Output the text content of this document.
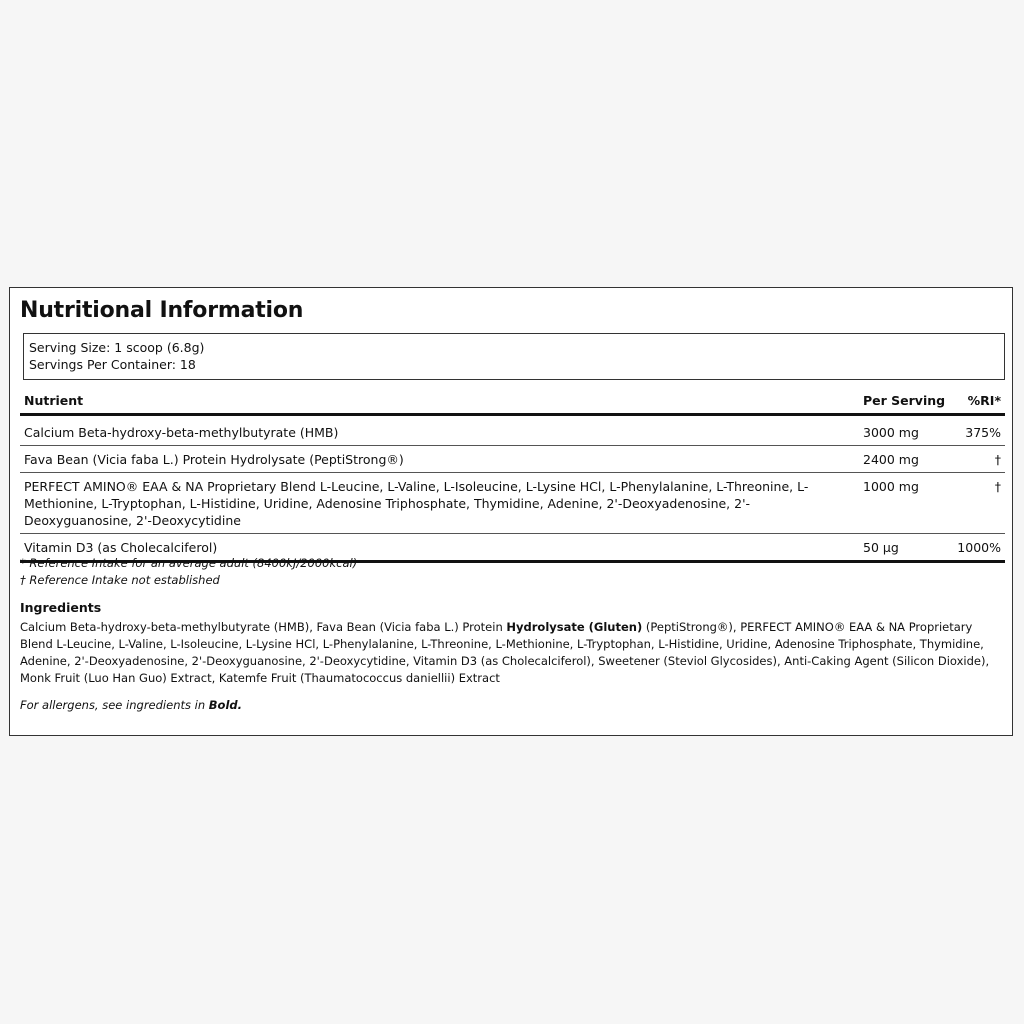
Nutritional Information
Serving Size: 1 scoop (6.8g)
Servings Per Container: 18
Nutrient	Per Serving	%RI*
Calcium Beta-hydroxy-beta-methylbutyrate (HMB)	3000 mg	375%
Fava Bean (Vicia faba L.) Protein Hydrolysate (PeptiStrong®)	2400 mg	†
PERFECT AMINO® EAA & NA Proprietary Blend L-Leucine, L-Valine, L-Isoleucine, L-Lysine HCl, L-Phenylalanine, L-Threonine, L-Methionine, L-Tryptophan, L-Histidine, Uridine, Adenosine Triphosphate, Thymidine, Adenine, 2'-Deoxyadenosine, 2'-Deoxyguanosine, 2'-Deoxycytidine	1000 mg	†
Vitamin D3 (as Cholecalciferol)	50 µg	1000%
* Reference Intake for an average adult (8400kJ/2000kcal)
† Reference Intake not established
Ingredients
Calcium Beta-hydroxy-beta-methylbutyrate (HMB), Fava Bean (Vicia faba L.) Protein Hydrolysate (Gluten) (PeptiStrong®), PERFECT AMINO® EAA & NA Proprietary Blend L-Leucine, L-Valine, L-Isoleucine, L-Lysine HCl, L-Phenylalanine, L-Threonine, L-Methionine, L-Tryptophan, L-Histidine, Uridine, Adenosine Triphosphate, Thymidine, Adenine, 2'-Deoxyadenosine, 2'-Deoxyguanosine, 2'-Deoxycytidine, Vitamin D3 (as Cholecalciferol), Sweetener (Steviol Glycosides), Anti-Caking Agent (Silicon Dioxide), Monk Fruit (Luo Han Guo) Extract, Katemfe Fruit (Thaumatococcus daniellii) Extract
For allergens, see ingredients in Bold.
